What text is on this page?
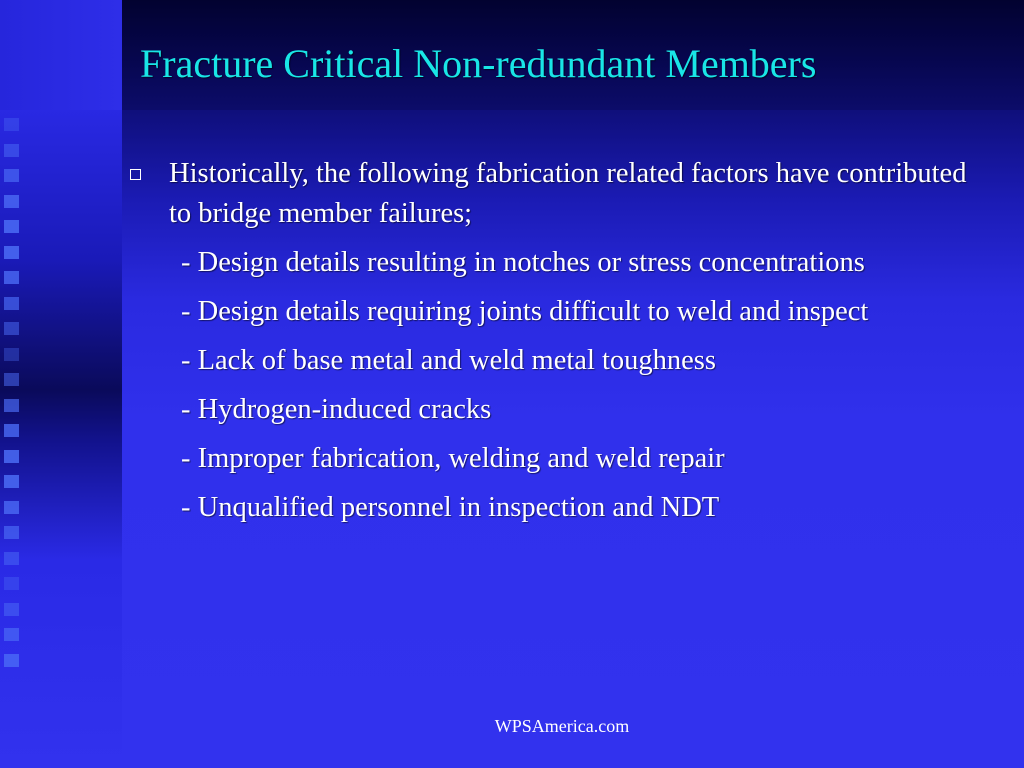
Fracture Critical Non-redundant Members
Historically, the following fabrication related factors have contributed to bridge member failures;
- Design details resulting in notches or stress concentrations
- Design details requiring joints difficult to weld and inspect
- Lack of base metal and weld metal toughness
- Hydrogen-induced cracks
- Improper fabrication, welding and weld repair
- Unqualified personnel in inspection and NDT
WPSAmerica.com
